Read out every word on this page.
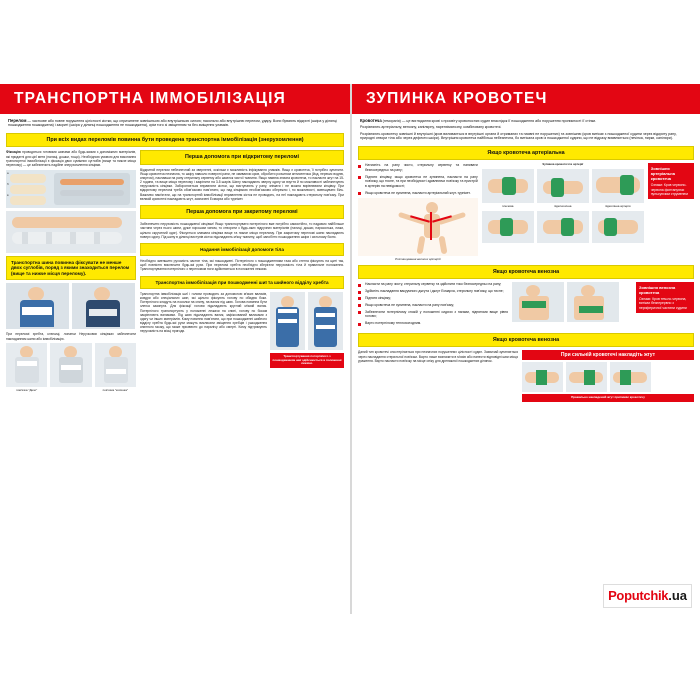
ТРАНСПОРТНА ІММОБІЛІЗАЦІЯ
Перелом — часткове або повне порушення цілісності кістки, що спричинене зовнішньою або внутрішньою силою; насильно або внутрішню перелом, удару. Вони бувають відкриті (шкіра у ділянці пошкодження пошкоджена) і закриті (шкіра у ділянці пошкодження не пошкоджена), крім того зі зміщенням та без зміщення уламків.
При всіх видах переломів повинна бути проведена транспортна іммобілізація (знерухомлення)
Фіксацію проводяться готовими шинами або будь-якими з допоміжних матеріалів, які придатні для цієї мети (палиці, дошки, тощо). Необхідною умовою для виконання транспортної іммобілізації є фіксація двох суміжних суглобів (вище та нижче місця перелому) — це забезпечить надійне знерухомлення кінцівки.
а
б
в
Транспортна шина повинна фіксувати не менше двох суглобів, поряд з якими знаходиться перелом (вище та нижче місця перелому).
При переломі хребта, ключиці, лопатки Неручкових кінцівках забезпечити накладанням шини або іммобілізацію.
пов'язка "Дезо"	пов'язка "косинка"
Перша допомога при відкритому переломі
Відкритий перелом небезпечний за зверненні, оскільки є можливість інфікування уламків. Якщо є кровотеча, її потрібно зупинити. Якщо кровотеча незначна, то шкіру навколо поверхні рани, не змиваючи кров, обробити розчином антисептика (йод, перекис водню, спиртом), наклавши на рану стерильну серветку або шматок чистої тканини. Якщо наявна значна кровотеча, то накласти жгут на 15-2 години, та вище місця перелому і закріпити на 3-5 шарів. Шину накладають зверху одягу чи взуття й по можливості забезпечують нерухомість кінцівки. Забороняється вправляти кістки, що виступають у рану, знімати і не можна вирівнювати кінцівку. При відкритому переломі треба обов'язково пам'ятати, що над кінцівкою необов'язково обережно і, по можливості, зменшувати біль. Важливо пам'ятати, що на транспортній іммобілізації вправлення кісток не проводять, на неї накладають стерильну пов'язку. При великій кровотечі накладають жгут, зазначені Есмарха або турнікет.
Перша допомога при закритому переломі
Забезпечити нерухомість пошкодженої кінцівки! Якщо транспортувати потерпілого вже потрібно самостійно, то надаємо найбільше частини через нього шини, дуже хорошим чином, то створити з будь-яких підручних матеріалів (палиці, дошки, парасолька, лижи, щільно скручений одяг). Фіксується зламана кінцівка вище та нижче місця перелому. При закритому переломі шини накладають поверх одягу. Під шину в ділянці виступів кісток підкладають м'яку тканину, щоб запобігти пошкодженню шкіри і сильному болю.
Надання іммобілізації допомоги тіла
Необхідно зменшити рухомість частин тіла, які пошкоджені. Потерпілого з пошкодженнями таза або стегна фіксують на щиті так, щоб повністю виключити будь-які рухи. При переломі хребта необхідно зберігати нерухомість тіла й правильне положення. Транспортування потерпілого з переломом ноги здійснюється в положенні лежачи.
Транспортна іммобілізація при пошкодженні шиї та шийного відділу хребта
Транспортна іммобілізація шиї і голови проводять за допомогою м'яких валиків, ковдри або спеціальних шин, які щільно фіксують голову по обидва боки. Потерпілого кладуть на носилки на спину, на валик під шию. Голова повинна бути злегка закинута. Для фіксації голови підкладають круглий м'який валик. Потерпілого транспортують у положенні лежачи на спині, голову по бокам закріпляють валиками. Під шию підкладають валик, зафіксований валиками з одягу чи інших матеріалів. Кому повинно пам'ятати, що при пошкодженні шийного відділу хребта будь-які рухи можуть викликати зміщення хребців і ушкодження спинного мозку, що може призвести до паралічу або смерті. Кому підтримують нерухомість на місці пригоди.
Транспортування потерпілого з пошкодженням шиї здійснюється в положенні лежачи.
ЗУПИНКА КРОВОТЕЧ

Кровотеча (геморагія) — це виглядання крові з просвіту кровоносних судин внаслідок її пошкодження або порушення проникності її стінки.

Розрізняють артеріальну, венозну, капілярну, паренхіматозну, комбіновану кровотечі.

Розрізняють кровотечу зовнішні й внутрішні (кров виливається в внутрішні органи й отриманих та наявні не порушених) та зовнішню (кров витікає з пошкодженої судини через відкриту рану, природні отвори тіла або через дефекти шкіри). Внутрішня кровотеча найбільш небезпечна, бо витікала кров із пошкодженої судини, що не відразу виявляється (печінка, нирки, капіляри).

Якщо кровотеча артеріальна
Натисніть на рану чисто, стерильну серветку та напивати безпосередньо на рану;
Підняти кінцівку, якщо кровотеча не зупинена, накласти на рану пов'язку, що тисне, та при необхідності здавлюючи пов'язку та пристрій в артерію на невідомості;
Якщо кровотеча не зупинена, накласти артеріальний жгут-турнікет.
Розташування великих артерій
Зупинка кровотечі в артерії
плечова	підключична	підколінна артерія
Зовнішня артеріальна кровотеча
Ознаки: Кров червоно-червона фонтануючи пульсуючим струменем
Якщо кровотеча венозна
Накласти на рану чисту, стерильну серветку та здійснити тиск безпосередньо на рану;
Здійсніть накладання вакуумного джгута і джгут Есмарха, стерильну пов'язку, що тисне;
Підняти кінцівку;
Якщо кровотеча не зупинена, накласти на рану пов'язку;
Забезпечити потерпілому спокій у положенні сидячи з нагами, піднятими вище рівня голови;
Варто потерпілому теплохолодним.
Зовнішня венозна кровотеча
Ознаки: Кров тем-но-червона, витікає безперервно з периферичної частини судини
Якщо кровотеча венозна
Даний тип кровотечі спостерігається при незначних порушеннях цілісності судин. Зазвичай зупиняється через накладання стерильної пов'язки. Варто лише визначити в м'язів або нанести відповідні шви місця ураження. Варто накласти пов'язку на місце опіку для дренажної пошкоджених ділянок.
При сильній кровотечі накладіть жгут
Правильно накладений жгут припиняє кровотечу
Poputchik.ua
